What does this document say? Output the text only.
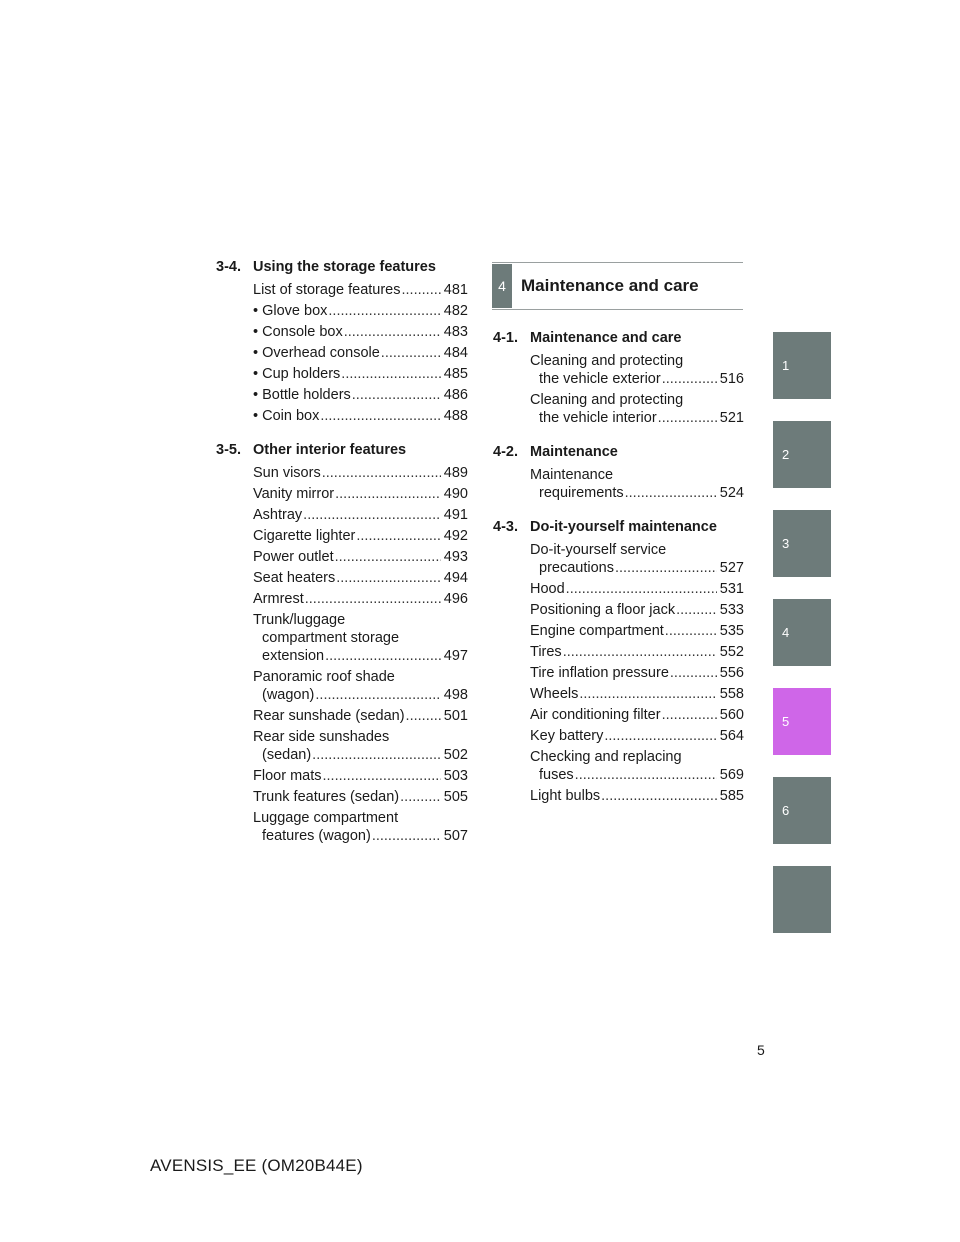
3-4. Using the storage features
List of storage features .....	481
• Glove box .....	482
• Console box .....	483
• Overhead console .....	484
• Cup holders .....	485
• Bottle holders .....	486
• Coin box .....	488
3-5. Other interior features
Sun visors .....	489
Vanity mirror .....	490
Ashtray .....	491
Cigarette lighter .....	492
Power outlet .....	493
Seat heaters .....	494
Armrest .....	496
Trunk/luggage
compartment storage
extension .....	497
Panoramic roof shade
(wagon) .....	498
Rear sunshade (sedan) .....	501
Rear side sunshades
(sedan) .....	502
Floor mats .....	503
Trunk features (sedan) .....	505
Luggage compartment
features (wagon) .....	507
4 Maintenance and care
4-1. Maintenance and care
Cleaning and protecting
the vehicle exterior .....	516
Cleaning and protecting
the vehicle interior .....	521
4-2. Maintenance
Maintenance
requirements .....	524
4-3. Do-it-yourself maintenance
Do-it-yourself service
precautions .....	527
Hood .....	531
Positioning a floor jack .....	533
Engine compartment .....	535
Tires .....	552
Tire inflation pressure .....	556
Wheels .....	558
Air conditioning filter .....	560
Key battery .....	564
Checking and replacing
fuses .....	569
Light bulbs .....	585
1
2
3
4
5
6
5
AVENSIS_EE (OM20B44E)
